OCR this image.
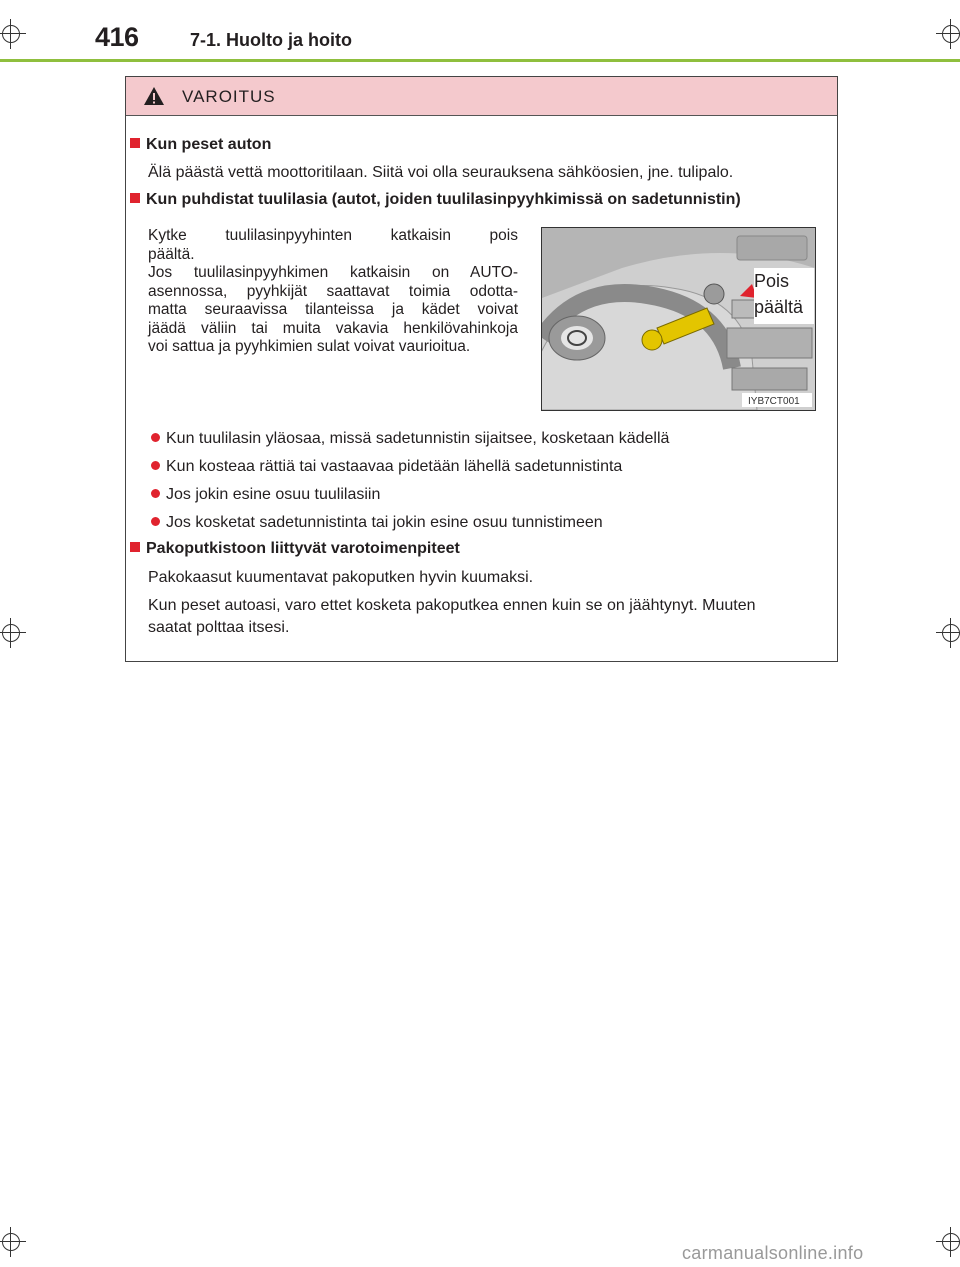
416	7-1. Huolto ja hoito
VAROITUS
Kun peset auton
Älä päästä vettä moottoritilaan. Siitä voi olla seurauksena sähköosien, jne. tulipalo.
Kun puhdistat tuulilasia (autot, joiden tuulilasinpyyhkimissä on sadetunnistin)
Kytke tuulilasinpyyhinten katkaisin pois
päältä.
Jos tuulilasinpyyhkimen katkaisin on AUTO-
asennossa, pyyhkijät saattavat toimia odotta-
matta seuraavissa tilanteissa ja kädet voivat
jäädä väliin tai muita vakavia henkilövahinkoja
voi sattua ja pyyhkimien sulat voivat vaurioitua.
IYB7CT001
Pois
päältä
Kun tuulilasin yläosaa, missä sadetunnistin sijaitsee, kosketaan kädellä
Kun kosteaa rättiä tai vastaavaa pidetään lähellä sadetunnistinta
Jos jokin esine osuu tuulilasiin
Jos kosketat sadetunnistinta tai jokin esine osuu tunnistimeen
Pakoputkistoon liittyvät varotoimenpiteet
Pakokaasut kuumentavat pakoputken hyvin kuumaksi.
Kun peset autoasi, varo ettet kosketa pakoputkea ennen kuin se on jäähtynyt. Muuten
saatat polttaa itsesi.
carmanualsonline.info
